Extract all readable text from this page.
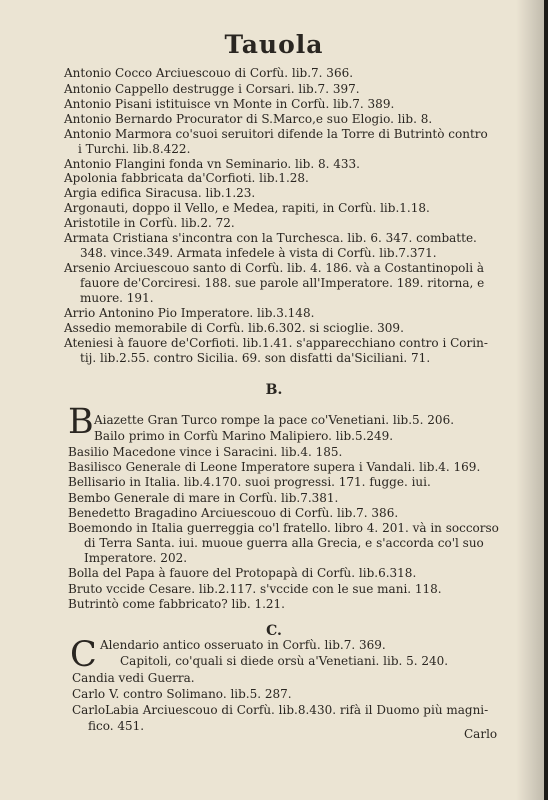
Tauola
Antonio Cocco Arciuescouo di Corfù. lib.7. 366.
Antonio Cappello destrugge i Corsari. lib.7. 397.
Antonio Pisani istituisce vn Monte in Corfù. lib.7. 389.
Antonio Bernardo Procurator di S.Marco,e suo Elogio. lib. 8.
Antonio Marmora co'suoi seruitori difende la Torre di Butrintò contro
i Turchi. lib.8.422.
Antonio Flangini fonda vn Seminario. lib. 8. 433.
Apolonia fabbricata da'Corfioti. lib.1.28.
Argia edifica Siracusa. lib.1.23.
Argonauti, doppo il Vello, e Medea, rapiti, in Corfù. lib.1.18.
Aristotile in Corfù. lib.2. 72.
Armata Cristiana s'incontra con la Turchesca. lib. 6. 347. combatte.
348. vince.349. Armata infedele à vista di Corfù. lib.7.371.
Arsenio Arciuescouo santo di Corfù. lib. 4. 186. và a Costantinopoli à
fauore de'Corciresi. 188. sue parole all'Imperatore. 189. ritorna, e
muore. 191.
Arrio Antonino Pio Imperatore. lib.3.148.
Assedio memorabile di Corfù. lib.6.302. si scioglie. 309.
Ateniesi à fauore de'Corfioti. lib.1.41. s'apparecchiano contro i Corin-
tij. lib.2.55. contro Sicilia. 69. son disfatti da'Siciliani. 71.
B.
B Aiazette Gran Turco rompe la pace co'Venetiani. lib.5. 206.
Bailo primo in Corfù Marino Malipiero. lib.5.249.
Basilio Macedone vince i Saracini. lib.4. 185.
Basilisco Generale di Leone Imperatore supera i Vandali. lib.4. 169.
Bellisario in Italia. lib.4.170. suoi progressi. 171. fugge. iui.
Bembo Generale di mare in Corfù. lib.7.381.
Benedetto Bragadino Arciuescouo di Corfù. lib.7. 386.
Boemondo in Italia guerreggia co'l fratello. libro 4. 201. và in soccorso
di Terra Santa. iui. muoue guerra alla Grecia, e s'accorda co'l suo
Imperatore. 202.
Bolla del Papa à fauore del Protopapà di Corfù. lib.6.318.
Bruto vccide Cesare. lib.2.117. s'vccide con le sue mani. 118.
Butrintò come fabbricato? lib. 1.21.
C.
C Alendario antico osseruato in Corfù. lib.7. 369.
Capitoli, co'quali si diede orsù a'Venetiani. lib. 5. 240.
Candia vedi Guerra.
Carlo V. contro Solimano. lib.5. 287.
CarloLabia Arciuescouo di Corfù. lib.8.430. rifà il Duomo più magni-
fico. 451.
Carlo
